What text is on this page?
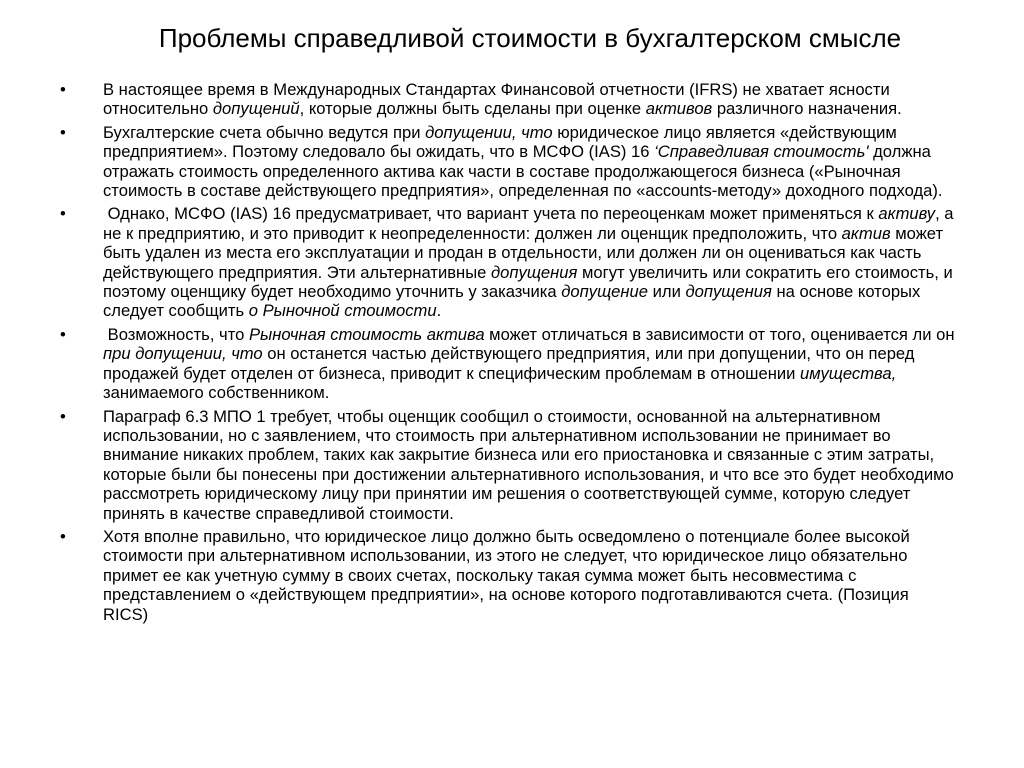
Проблемы справедливой стоимости в бухгалтерском смысле
• В настоящее время в Международных Стандартах Финансовой отчетности (IFRS) не хватает ясности относительно допущений, которые должны быть сделаны при оценке активов различного назначения.
• Бухгалтерские счета обычно ведутся при допущении, что юридическое лицо является «действующим предприятием». Поэтому следовало бы ожидать, что в МСФО (IAS) 16 ‘Справедливая стоимость' должна отражать стоимость определенного актива как части в составе продолжающегося бизнеса («Рыночная стоимость в составе действующего предприятия», определенная по «accounts-методу» доходного подхода).
•  Однако, МСФО (IAS) 16 предусматривает, что вариант учета по переоценкам может применяться к активу, а не к предприятию, и это приводит к неопределенности: должен ли оценщик предположить, что актив может быть удален из места его эксплуатации и продан в отдельности, или должен ли он оцениваться как часть действующего предприятия. Эти альтернативные допущения могут увеличить или сократить его стоимость, и поэтому оценщику будет необходимо уточнить у заказчика допущение или допущения на основе которых следует сообщить о Рыночной стоимости.
•  Возможность, что Рыночная стоимость актива может отличаться в зависимости от того, оценивается ли он при допущении, что он останется частью действующего предприятия, или при допущении, что он перед продажей будет отделен от бизнеса, приводит к специфическим проблемам в отношении имущества, занимаемого собственником.
• Параграф 6.3 МПО 1 требует, чтобы оценщик сообщил о стоимости, основанной на альтернативном использовании, но с заявлением, что стоимость при альтернативном использовании не принимает во внимание никаких проблем, таких как закрытие бизнеса или его приостановка и связанные с этим затраты, которые были бы понесены при достижении альтернативного использования, и что все это будет необходимо рассмотреть юридическому лицу при принятии им решения о соответствующей сумме, которую следует принять в качестве справедливой стоимости.
• Хотя вполне правильно, что юридическое лицо должно быть осведомлено о потенциале более высокой стоимости при альтернативном использовании, из этого не следует, что юридическое лицо обязательно примет ее как учетную сумму в своих счетах, поскольку такая сумма может быть несовместима с представлением о «действующем предприятии», на основе которого подготавливаются счета. (Позиция RICS)
